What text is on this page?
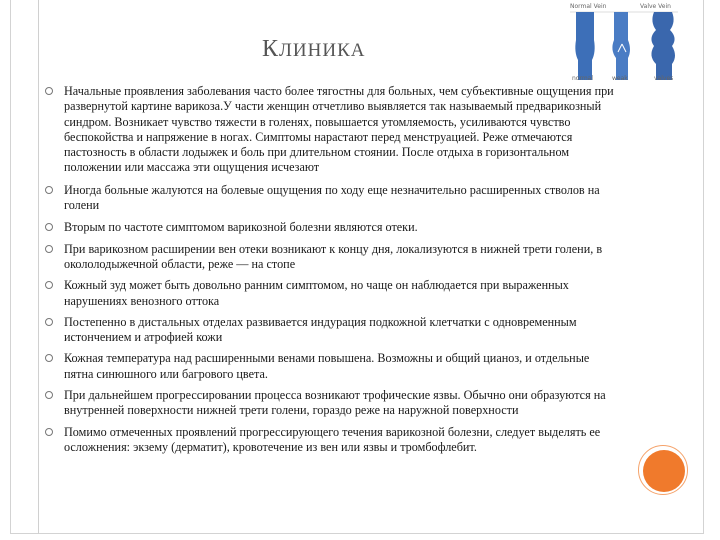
КЛИНИКА
Normal Vein	Valve Vein
normal	weak	valves
Начальные проявления заболевания часто более тягостны для больных, чем субъективные ощущения при развернутой картине варикоза.У части женщин отчетливо выявляется так называемый предварикозный синдром. Возникает чувство тяжести в голенях, повышается утомляемость, усиливаются чувство беспокойства и напряжение в ногах. Симптомы нарастают перед менструацией. Реже отмечаются пастозность в области лодыжек и боль при длительном стоянии. После отдыха в горизонтальном положении или массажа эти ощущения исчезают
Иногда больные жалуются на болевые ощущения по ходу еще незначительно расширенных стволов на голени
Вторым по частоте симптомом варикозной болезни являются отеки.
При варикозном расширении вен отеки возникают к концу дня, локализуются в нижней трети голени, в окололодыжечной области, реже — на стопе
Кожный зуд может быть довольно ранним симптомом, но чаще он наблюдается при выраженных нарушениях венозного оттока
Постепенно в дистальных отделах развивается индурация подкожной клетчатки с одновременным истончением и атрофией кожи
Кожная температура над расширенными венами повышена. Возможны и общий цианоз, и отдельные пятна синюшного или багрового цвета.
При дальнейшем прогрессировании процесса возникают трофические язвы. Обычно они образуются на внутренней поверхности нижней трети голени, гораздо реже на наружной поверхности
Помимо отмеченных проявлений прогрессирующего течения варикозной болезни, следует выделять ее осложнения: экзему (дерматит), кровотечение из вен или язвы и тромбофлебит.
